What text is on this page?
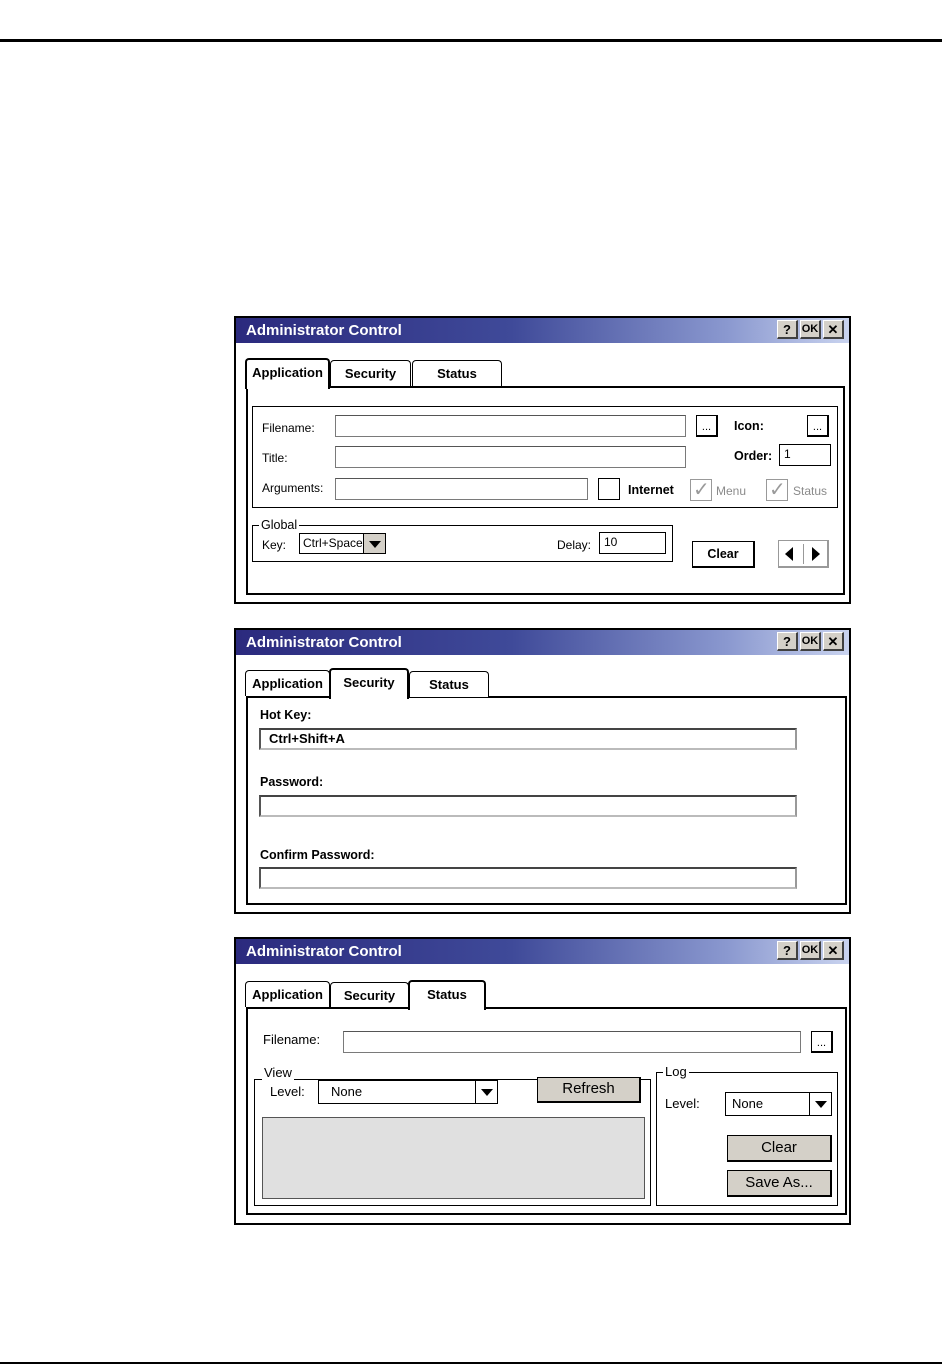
Administrator Control	? OK ✕
Application	Security	Status
Filename:	...	Icon:	...
Title:	Order: 1
Arguments:	Internet ✓ Menu ✓ Status
Global
Key: Ctrl+Space	Delay:	10
Clear
Administrator Control	? OK ✕
Application	Security	Status
Hot Key:
Ctrl+Shift+A
Password:
Confirm Password:
Administrator Control	? OK ✕
Application	Security	Status
Filename:	...
View
Level: None	Refresh
Log
Level: None
Clear
Save As...
